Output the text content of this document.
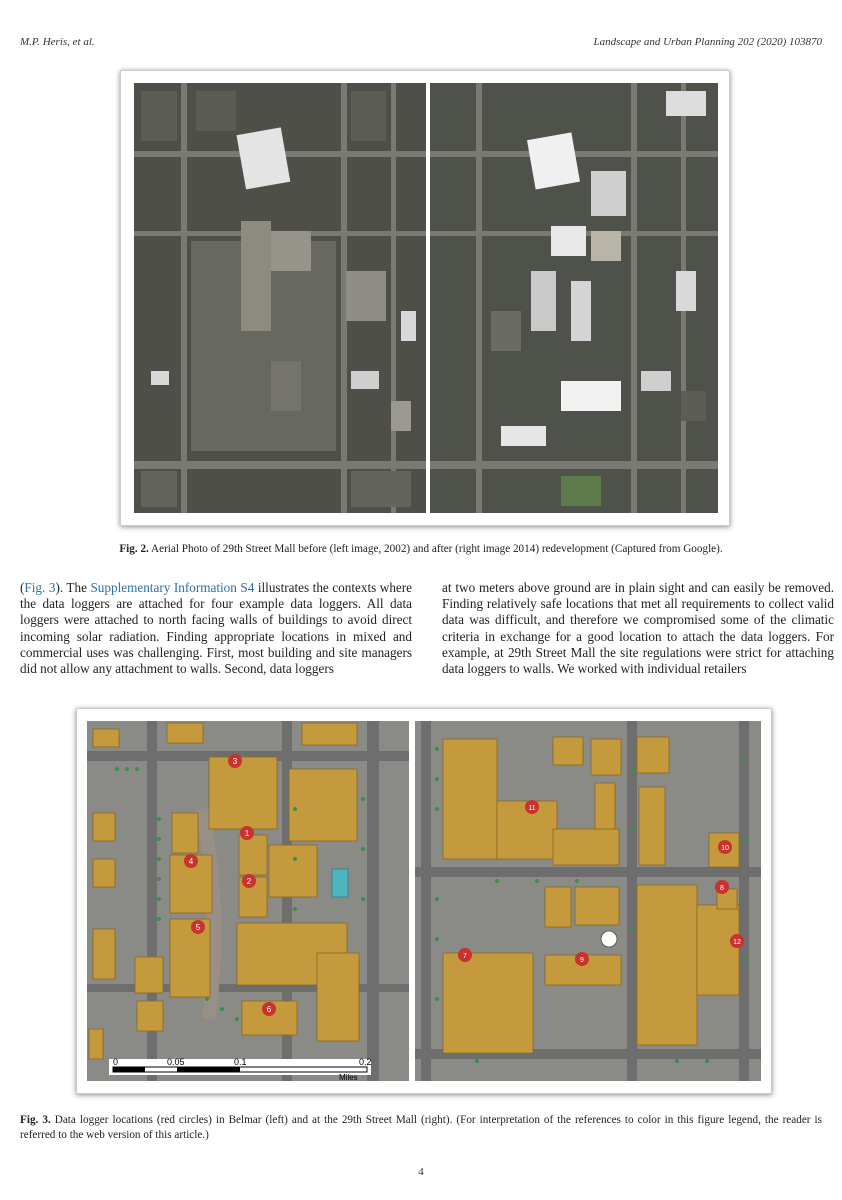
M.P. Heris, et al.	Landscape and Urban Planning 202 (2020) 103870
Fig. 2. Aerial Photo of 29th Street Mall before (left image, 2002) and after (right image 2014) redevelopment (Captured from Google).
(Fig. 3). The Supplementary Information S4 illustrates the contexts where the data loggers are attached for four example data loggers. All data loggers were attached to north facing walls of buildings to avoid direct incoming solar radiation. Finding appropriate locations in mixed and commercial uses was challenging. First, most building and site managers did not allow any attachment to walls. Second, data loggers
at two meters above ground are in plain sight and can easily be removed. Finding relatively safe locations that met all requirements to collect valid data was difficult, and therefore we compromised some of the climatic criteria in exchange for a good location to attach the data loggers. For example, at 29th Street Mall the site regulations were strict for attaching data loggers to walls. We worked with individual retailers
0	0.05	0.1	0.2
Miles
3
1
4
2
5
6
11
10
8
12
7
9
Fig. 3. Data logger locations (red circles) in Belmar (left) and at the 29th Street Mall (right). (For interpretation of the references to color in this figure legend, the reader is referred to the web version of this article.)
4
